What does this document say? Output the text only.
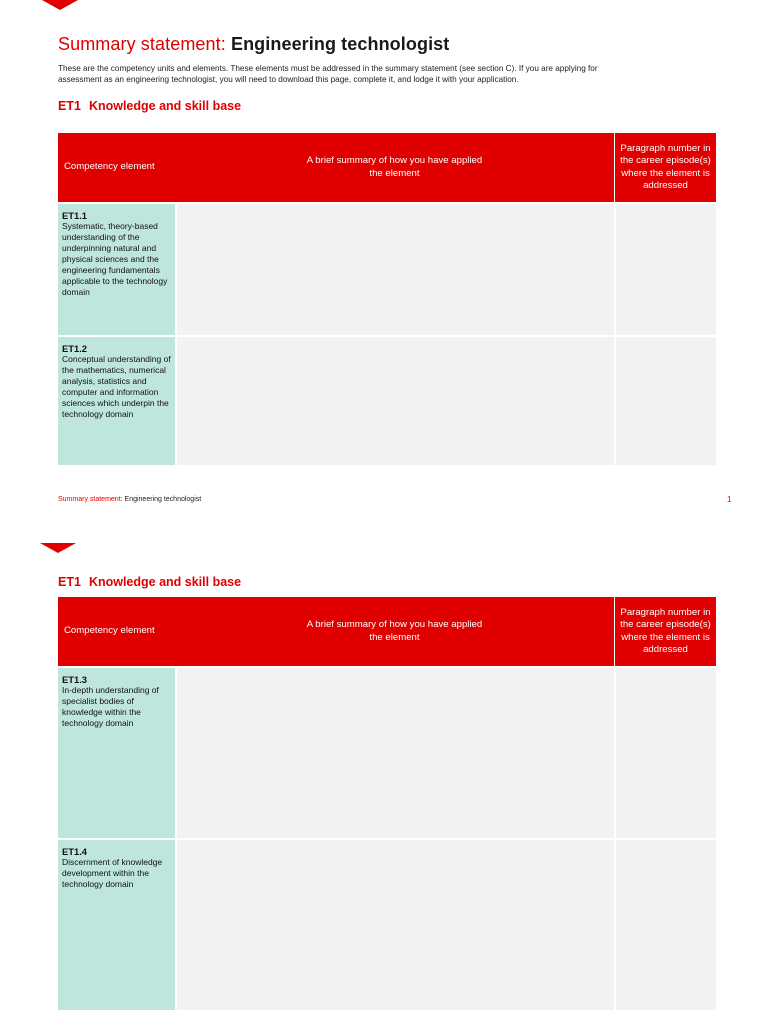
Summary statement: Engineering technologist

These are the competency units and elements. These elements must be addressed in the summary statement (see section C). If you are applying for assessment as an engineering technologist, you will need to download this page, complete it, and lodge it with your application.

ET1 Knowledge and skill base
Competency element	A brief summary of how you have applied the element	Paragraph number in the career episode(s) where the element is addressed

ET1.1
Systematic, theory-based understanding of the underpinning natural and physical sciences and the engineering fundamentals applicable to the technology domain		

ET1.2
Conceptual understanding of the mathematics, numerical analysis, statistics and computer and information sciences which underpin the technology domain		

Summary statement: Engineering technologist	1
ET1 Knowledge and skill base
Competency element	A brief summary of how you have applied the element	Paragraph number in the career episode(s) where the element is addressed

ET1.3
In-depth understanding of specialist bodies of knowledge within the technology domain		

ET1.4
Discernment of knowledge development within the technology domain		
